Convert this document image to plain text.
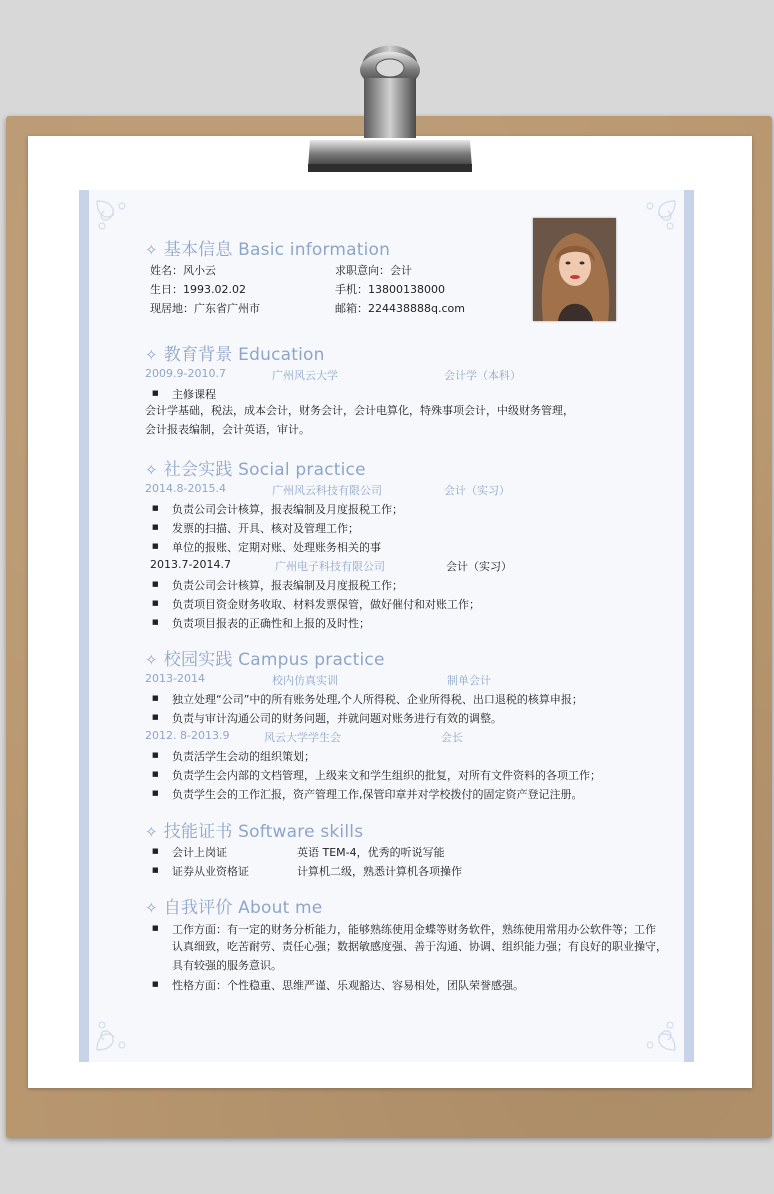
✧ 基本信息 Basic information
姓名：风小云	求职意向：会计
生日：1993.02.02	手机：13800138000
现居地：广东省广州市	邮箱：224438888q.com
✧ 教育背景 Education
2009.9-2010.7	广州风云大学	会计学（本科）
主修课程
会计学基础，税法，成本会计，财务会计，会计电算化，特殊事项会计，中级财务管理，
会计报表编制，会计英语，审计。
✧ 社会实践 Social practice
2014.8-2015.4	广州风云科技有限公司	会计（实习）
负责公司会计核算，报表编制及月度报税工作；
发票的扫描、开具、核对及管理工作；
单位的报账、定期对账、处理账务相关的事
2013.7-2014.7	广州电子科技有限公司	会计（实习）
负责公司会计核算，报表编制及月度报税工作；
负责项目资金财务收取、材料发票保管，做好催付和对账工作；
负责项目报表的正确性和上报的及时性；
✧ 校园实践 Campus practice
2013-2014	校内仿真实训	制单会计
独立处理“公司”中的所有账务处理,个人所得税、企业所得税、出口退税的核算申报；
负责与审计沟通公司的财务问题，并就问题对账务进行有效的调整。
2012. 8-2013.9	风云大学学生会	会长
负责活学生会动的组织策划；
负责学生会内部的文档管理，上级来文和学生组织的批复，对所有文件资料的各项工作；
负责学生会的工作汇报，资产管理工作,保管印章并对学校拨付的固定资产登记注册。
✧ 技能证书 Software skills
会计上岗证	英语 TEM-4，优秀的听说写能
证券从业资格证	计算机二级，熟悉计算机各项操作
✧ 自我评价 About me
工作方面：有一定的财务分析能力，能够熟练使用金蝶等财务软件，熟练使用常用办公软件等；工作
认真细致，吃苦耐劳、责任心强；数据敏感度强、善于沟通、协调、组织能力强；有良好的职业操守，
具有较强的服务意识。
性格方面：个性稳重、思维严谨、乐观豁达、容易相处，团队荣誉感强。
